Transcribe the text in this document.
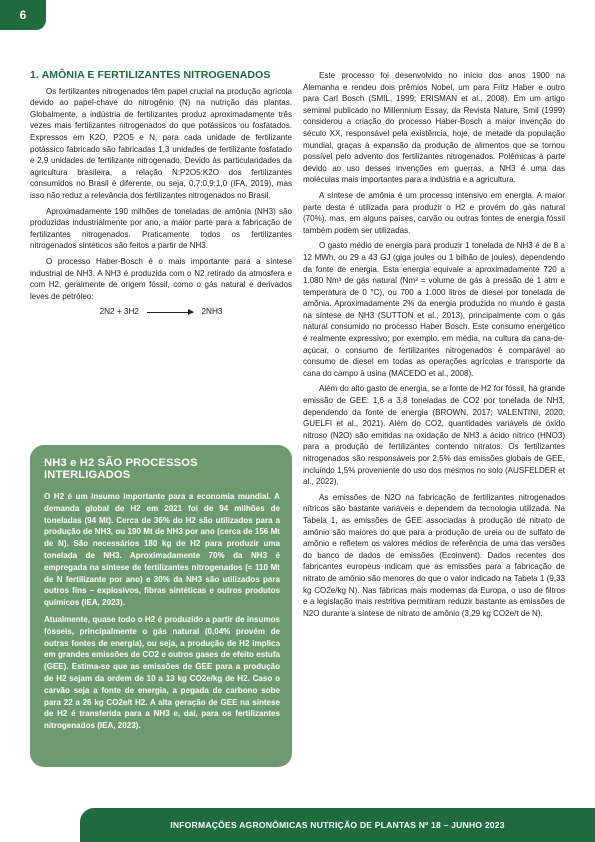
6

1. AMÔNIA E FERTILIZANTES NITROGENADOS

Os fertilizantes nitrogenados têm papel crucial na produção agrícola devido ao papel-chave do nitrogênio (N) na nutrição das plantas. Globalmente, a indústria de fertilizantes produz aproximadamente três vezes mais fertilizantes nitrogenados do que potássicos ou fosfatados. Expressos em K2O, P2O5 e N, para cada unidade de fertilizante potássico fabricado são fabricadas 1,3 unidades de fertilizante fosfatado e 2,9 unidades de fertilizante nitrogenado. Devido às particularidades da agricultura brasileira, a relação N:P2O5:K2O dos fertilizantes consumidos no Brasil é diferente, ou seja, 0,7:0,9:1,0 (IFA, 2019), mas isso não reduz a relevância dos fertilizantes nitrogenados no Brasil.

Aproximadamente 190 milhões de toneladas de amônia (NH3) são produzidas industrialmente por ano, a maior parte para a fabricação de fertilizantes nitrogenados. Praticamente todos os fertilizantes nitrogenados sintéticos são feitos a partir de NH3.

O processo Haber-Bosch é o mais importante para a síntese industrial de NH3. A NH3 é produzida com o N2 retirado da atmosfera e com H2, geralmente de origem fóssil, como o gás natural e derivados leves de petróleo:

2N2 + 3H2	2NH3

NH3 e H2 SÃO PROCESSOS INTERLIGADOS

O H2 é um insumo importante para a economia mundial. A demanda global de H2 em 2021 foi de 94 milhões de toneladas (94 Mt). Cerca de 36% do H2 são utilizados para a produção de NH3, ou 190 Mt de NH3 por ano (cerca de 156 Mt de N). São necessários 180 kg de H2 para produzir uma tonelada de NH3. Aproximadamente 70% da NH3 é empregada na síntese de fertilizantes nitrogenados (≈ 110 Mt de N fertilizante por ano) e 30% da NH3 são utilizados para outros fins – explosivos, fibras sintéticas e outros produtos químicos (IEA, 2023).

Atualmente, quase todo o H2 é produzido a partir de insumos fósseis, principalmente o gás natural (0,04% provém de outras fontes de energia), ou seja, a produção de H2 implica em grandes emissões de CO2 e outros gases de efeito estufa (GEE). Estima-se que as emissões de GEE para a produção de H2 sejam da ordem de 10 a 13 kg CO2e/kg de H2. Caso o carvão seja a fonte de energia, a pegada de carbono sobe para 22 a 26 kg CO2e/t H2. A alta geração de GEE na síntese de H2 é transferida para a NH3 e, daí, para os fertilizantes nitrogenados (IEA, 2023).

Este processo foi desenvolvido no início dos anos 1900 na Alemanha e rendeu dois prêmios Nobel, um para Fritz Haber e outro para Carl Bosch (SMIL, 1999; ERISMAN et al., 2008). Em um artigo seminal publicado no Millennium Essay, da Revista Nature, Smil (1999) considerou a criação do processo Haber-Bosch a maior invenção do século XX, responsável pela existência, hoje, de metade da população mundial, graças à expansão da produção de alimentos que se tornou possível pelo advento dos fertilizantes nitrogenados. Polêmicas à parte devido ao uso desses invenções em guerras, a NH3 é uma das moléculas mais importantes para a indústria e a agricultura.

A síntese de amônia é um processo intensivo em energia. A maior parte desta é utilizada para produzir o H2 e provém do gás natural (70%), mas, em alguns países, carvão ou outras fontes de energia fóssil também podem ser utilizadas.

O gasto médio de energia para produzir 1 tonelada de NH3 é de 8 a 12 MWh, ou 29 a 43 GJ (giga joules ou 1 bilhão de joules), dependendo da fonte de energia. Esta energia equivale a aproximadamente 720 a 1.080 Nm³ de gás natural (Nm³ = volume de gás à pressão de 1 atm e temperatura de 0 °C), ou 700 a 1.000 litros de diesel por tonelada de amônia. Aproximadamente 2% da energia produzida no mundo é gasta na síntese de NH3 (SUTTON et al., 2013), principalmente com o gás natural consumido no processo Haber Bosch. Este consumo energético é realmente expressivo; por exemplo, em média, na cultura da cana-de-açúcar, o consumo de fertilizantes nitrogenados é comparável ao consumo de diesel em todas as operações agrícolas e transporte da cana do campo à usina (MACEDO et al., 2008).

Além do alto gasto de energia, se a fonte de H2 for fóssil, há grande emissão de GEE: 1,6 a 3,8 toneladas de CO2 por tonelada de NH3, dependendo da fonte de energia (BROWN, 2017; VALENTINI, 2020; GUELFI et al., 2021). Além do CO2, quantidades variáveis de óxido nitroso (N2O) são emitidas na oxidação de NH3 a ácido nítrico (HNO3) para a produção de fertilizantes contendo nitratos. Os fertilizantes nitrogenados são responsáveis por 2,5% das emissões globais de GEE, incluindo 1,5% proveniente do uso dos mesmos no solo (AUSFELDER et al., 2022).

As emissões de N2O na fabricação de fertilizantes nitrogenados nítricos são bastante variáveis e dependem da tecnologia utilizada. Na Tabela 1, as emissões de GEE associadas à produção de nitrato de amônio são maiores do que para a produção de ureia ou de sulfato de amônio e refletem os valores médios de referência de uma das versões do banco de dados de emissões (Ecoinvent). Dados recentes dos fabricantes europeus indicam que as emissões para a fabricação de nitrato de amônio são menores do que o valor indicado na Tabela 1 (9,33 kg CO2e/kg N). Nas fábricas mais modernas da Europa, o uso de filtros e a legislação mais restritiva permitiram reduzir bastante as emissões de N2O durante a síntese de nitrato de amônio (3,29 kg CO2e/t de N).

INFORMAÇÕES AGRONÔMICAS NUTRIÇÃO DE PLANTAS Nº 18 – JUNHO 2023
